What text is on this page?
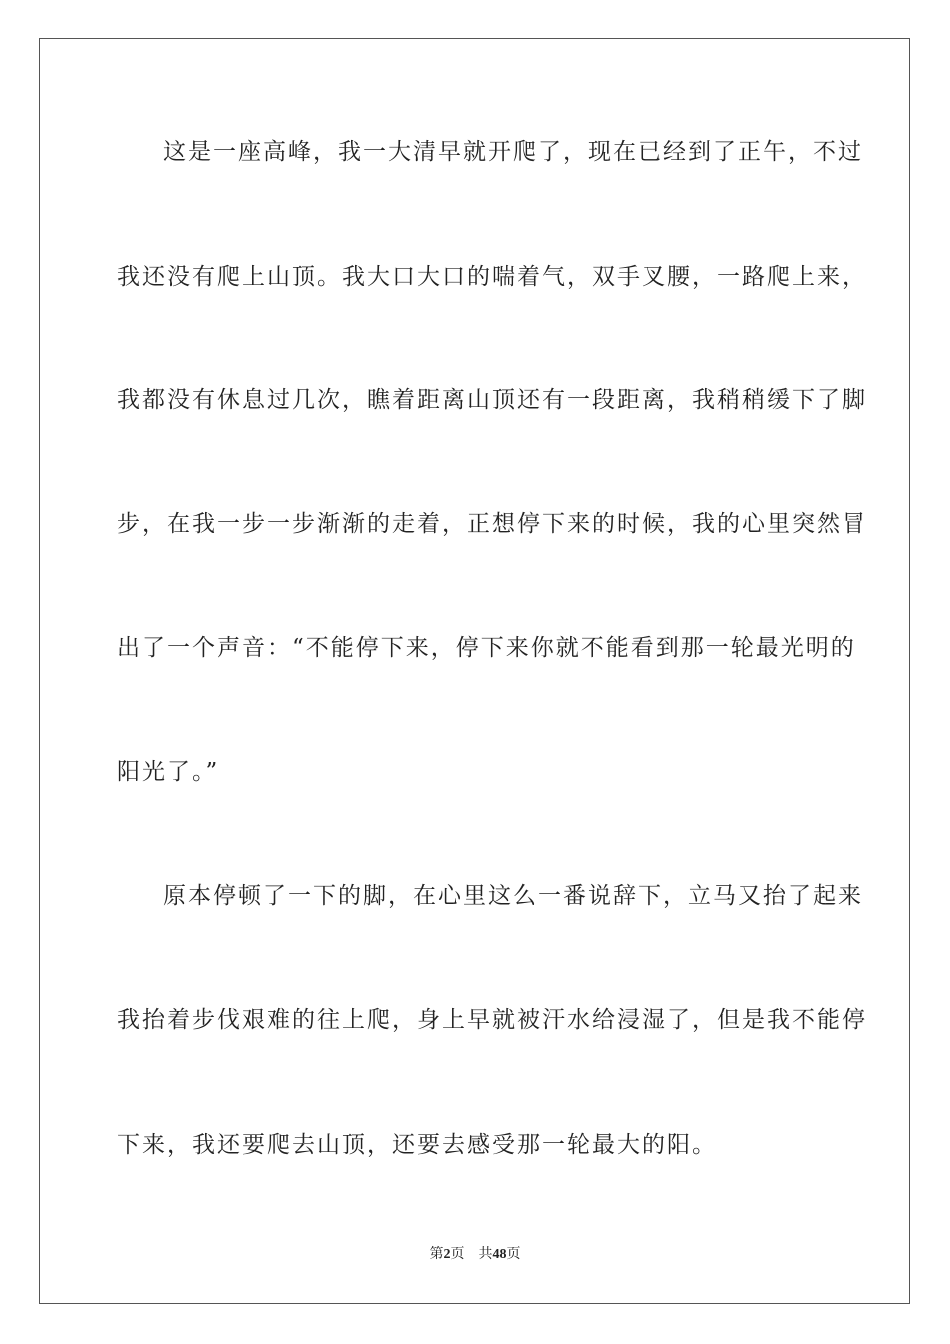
这是一座高峰，我一大清早就开爬了，现在已经到了正午，不过
我还没有爬上山顶。我大口大口的喘着气，双手叉腰，一路爬上来，
我都没有休息过几次，瞧着距离山顶还有一段距离，我稍稍缓下了脚
步，在我一步一步渐渐的走着，正想停下来的时候，我的心里突然冒
出了一个声音：“不能停下来，停下来你就不能看到那一轮最光明的
阳光了。”
原本停顿了一下的脚，在心里这么一番说辞下，立马又抬了起来
我抬着步伐艰难的往上爬，身上早就被汗水给浸湿了，但是我不能停
下来，我还要爬去山顶，还要去感受那一轮最大的阳。
第2页 共48页
